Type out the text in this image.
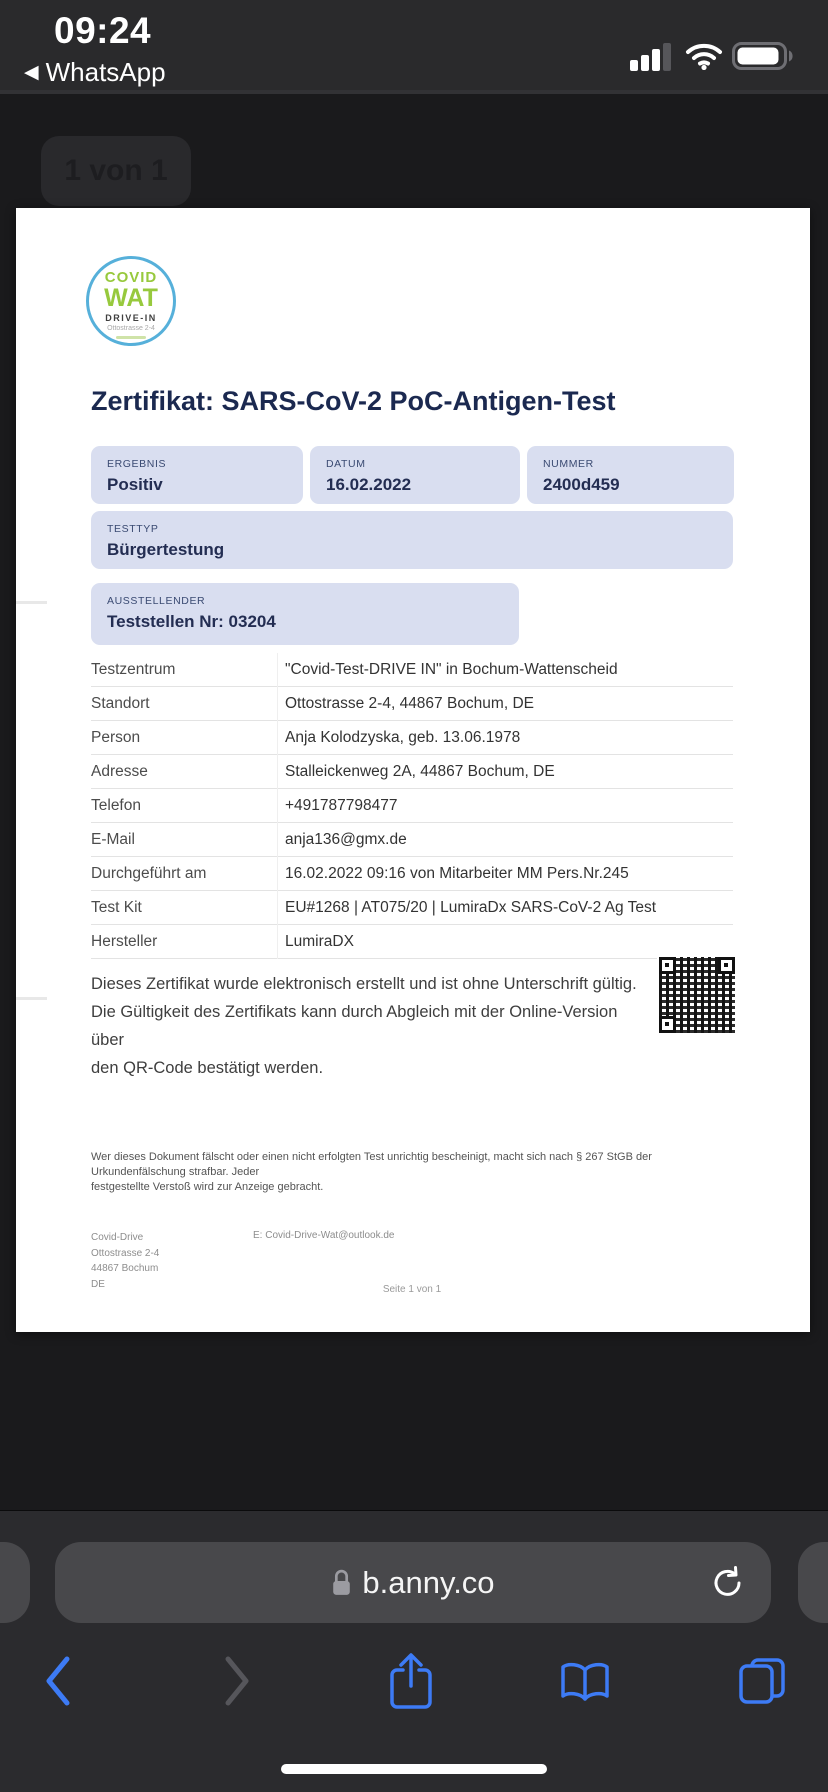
09:24
◀ WhatsApp
1 von 1
COVID
WAT
DRIVE-IN
Ottostrasse 2-4
Zertifikat: SARS-CoV-2 PoC-Antigen-Test
ERGEBNIS
Positiv
DATUM
16.02.2022
NUMMER
2400d459
TESTTYP
Bürgertestung
AUSSTELLENDER
Teststellen Nr: 03204
Testzentrum	"Covid-Test-DRIVE IN" in Bochum-Wattenscheid
Standort	Ottostrasse 2-4, 44867 Bochum, DE
Person	Anja Kolodzyska, geb. 13.06.1978
Adresse	Stalleickenweg 2A, 44867 Bochum, DE
Telefon	+491787798477
E-Mail	anja136@gmx.de
Durchgeführt am	16.02.2022 09:16 von Mitarbeiter MM Pers.Nr.245
Test Kit	EU#1268 | AT075/20 | LumiraDx SARS-CoV-2 Ag Test
Hersteller	LumiraDX
Dieses Zertifikat wurde elektronisch erstellt und ist ohne Unterschrift gültig.
Die Gültigkeit des Zertifikats kann durch Abgleich mit der Online-Version über
den QR-Code bestätigt werden.
Wer dieses Dokument fälscht oder einen nicht erfolgten Test unrichtig bescheinigt, macht sich nach § 267 StGB der Urkundenfälschung strafbar. Jeder
festgestellte Verstoß wird zur Anzeige gebracht.
Covid-Drive
Ottostrasse 2-4
44867 Bochum
DE
E: Covid-Drive-Wat@outlook.de
Seite 1 von 1
b.anny.co
